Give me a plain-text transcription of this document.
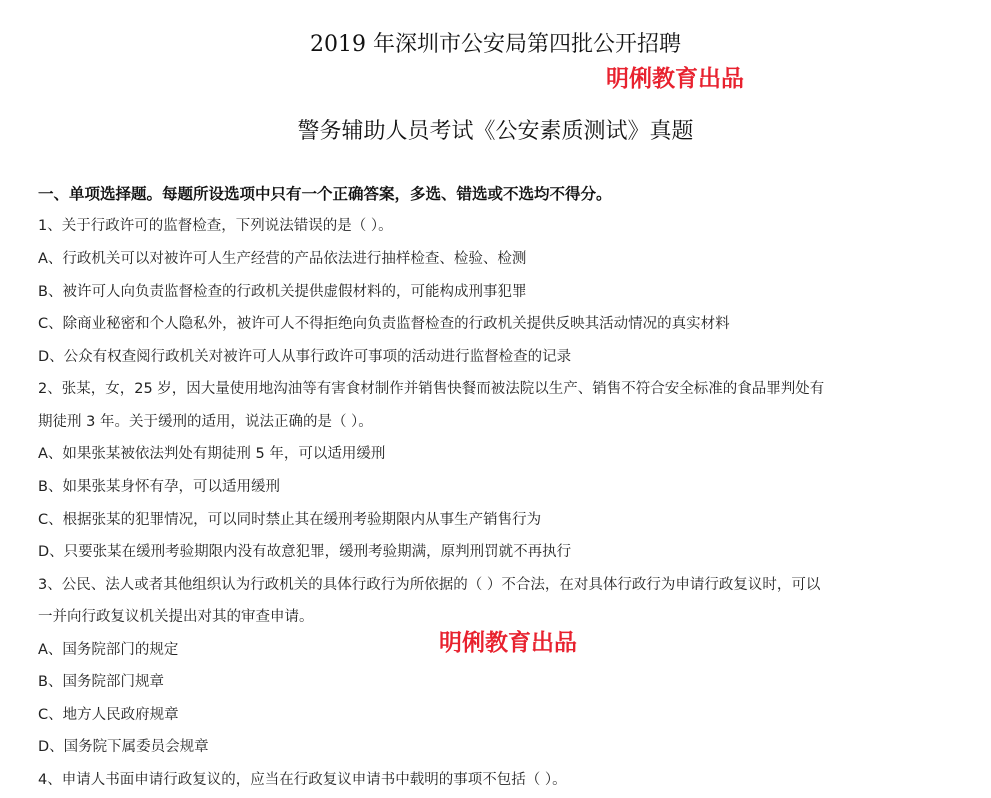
2019 年深圳市公安局第四批公开招聘
明俐教育出品
警务辅助人员考试《公安素质测试》真题
一、单项选择题。每题所设选项中只有一个正确答案，多选、错选或不选均不得分。
1、关于行政许可的监督检查，下列说法错误的是（ ）。
A、行政机关可以对被许可人生产经营的产品依法进行抽样检查、检验、检测
B、被许可人向负责监督检查的行政机关提供虚假材料的，可能构成刑事犯罪
C、除商业秘密和个人隐私外，被许可人不得拒绝向负责监督检查的行政机关提供反映其活动情况的真实材料
D、公众有权查阅行政机关对被许可人从事行政许可事项的活动进行监督检查的记录
2、张某，女，25 岁，因大量使用地沟油等有害食材制作并销售快餐而被法院以生产、销售不符合安全标准的食品罪判处有
期徒刑 3 年。关于缓刑的适用，说法正确的是（ ）。
A、如果张某被依法判处有期徒刑 5 年，可以适用缓刑
B、如果张某身怀有孕，可以适用缓刑
C、根据张某的犯罪情况，可以同时禁止其在缓刑考验期限内从事生产销售行为
D、只要张某在缓刑考验期限内没有故意犯罪，缓刑考验期满，原判刑罚就不再执行
3、公民、法人或者其他组织认为行政机关的具体行政行为所依据的（ ）不合法，在对具体行政行为申请行政复议时，可以
一并向行政复议机关提出对其的审查申请。
明俐教育出品
A、国务院部门的规定
B、国务院部门规章
C、地方人民政府规章
D、国务院下属委员会规章
4、申请人书面申请行政复议的，应当在行政复议申请书中载明的事项不包括（ ）。
